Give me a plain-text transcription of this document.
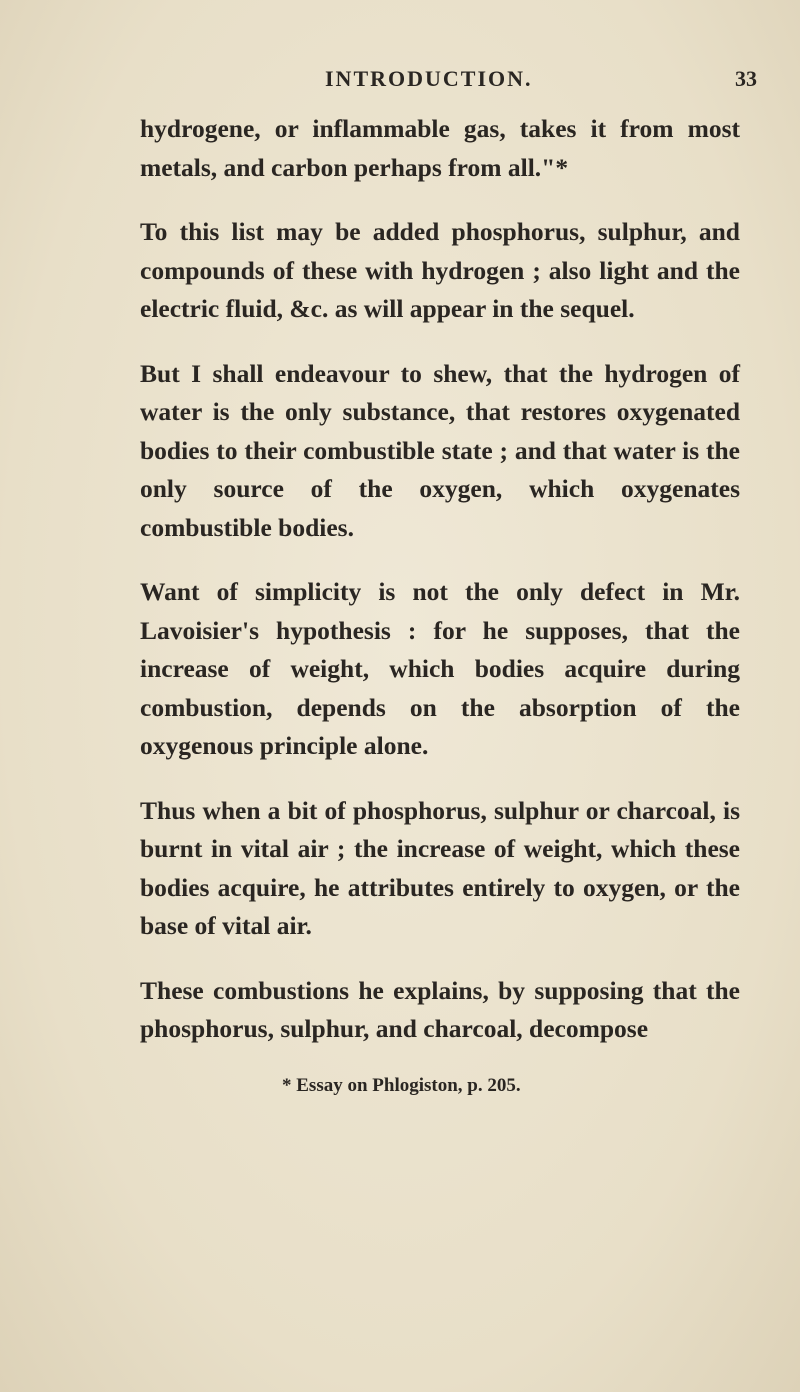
INTRODUCTION.	33

hydrogene, or inflammable gas, takes it from most metals, and carbon perhaps from all."*

To this list may be added phosphorus, sulphur, and compounds of these with hydrogen ; also light and the electric fluid, &c. as will appear in the sequel.

But I shall endeavour to shew, that the hydrogen of water is the only substance, that restores oxygenated bodies to their combustible state ; and that water is the only source of the oxygen, which oxygenates combustible bodies.

Want of simplicity is not the only defect in Mr. Lavoisier's hypothesis : for he supposes, that the increase of weight, which bodies acquire during combustion, depends on the absorption of the oxygenous principle alone.

Thus when a bit of phosphorus, sulphur or charcoal, is burnt in vital air ; the increase of weight, which these bodies acquire, he attributes entirely to oxygen, or the base of vital air.

These combustions he explains, by supposing that the phosphorus, sulphur, and charcoal, decompose

* Essay on Phlogiston, p. 205.
